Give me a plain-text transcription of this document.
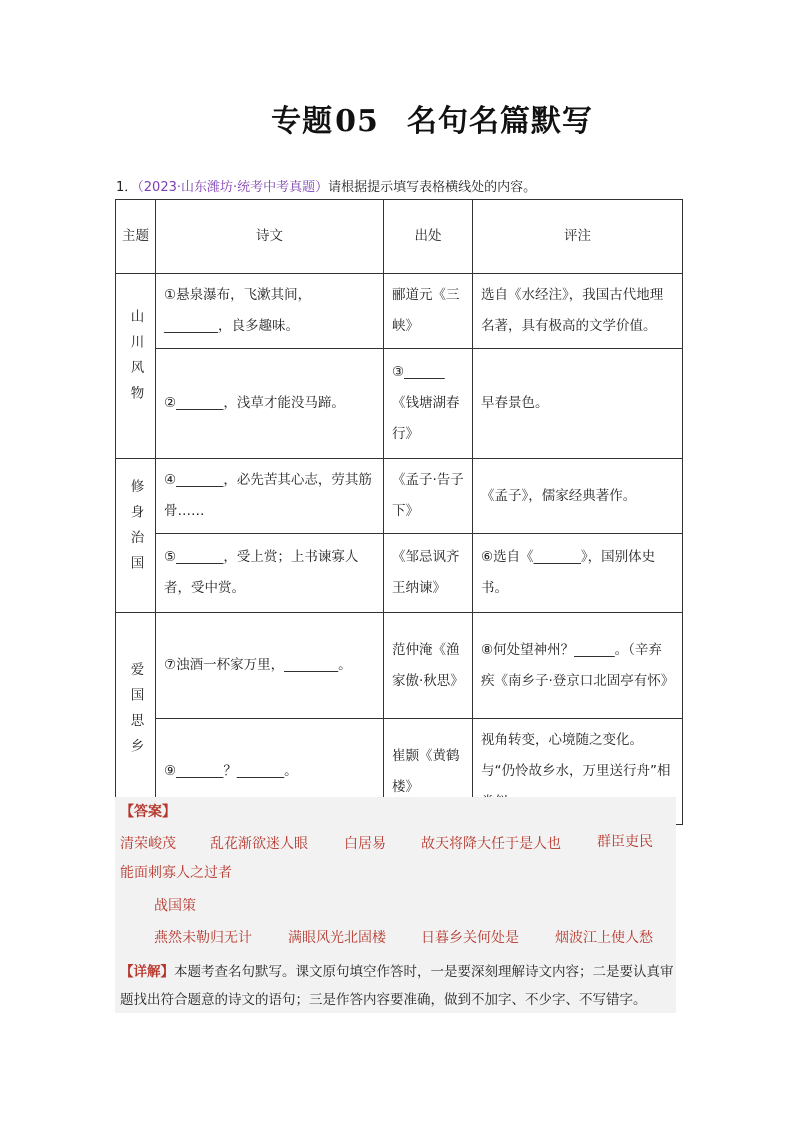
专题05 名句名篇默写
1．（2023·山东潍坊·统考中考真题）请根据提示填写表格横线处的内容。
主题	诗文	出处	评注
山川风物	①悬泉瀑布，飞漱其间，________，良多趣味。	郦道元《三峡》	选自《水经注》，我国古代地理名著，具有极高的文学价值。
	②_______，浅草才能没马蹄。	③______《钱塘湖春行》	早春景色。
修身治国	④_______，必先苦其心志，劳其筋骨……	《孟子·告子下》	《孟子》，儒家经典著作。
	⑤_______，受上赏；上书谏寡人者，受中赏。	《邹忌讽齐王纳谏》	⑥选自《_______》，国别体史书。
爱国思乡	⑦浊酒一杯家万里，________。	范仲淹《渔家傲·秋思》	⑧何处望神州？______。（辛弃疾《南乡子·登京口北固亭有怀》
	⑨_______？_______。	崔颢《黄鹤楼》	视角转变，心境随之变化。与“仍怜故乡水，万里送行舟”相
【答案】
清荣峻茂 乱花渐欲迷人眼	白居易	故天将降大任于是人也	群臣吏民能面刺寡人之过者
战国策
燕然未勒归无计	满眼风光北固楼	日暮乡关何处是	烟波江上使人愁
【详解】本题考查名句默写。课文原句填空作答时，一是要深刻理解诗文内容；二是要认真审题找出符合题意的诗文的语句；三是作答内容要准确，做到不加字、不少字、不写错字。
